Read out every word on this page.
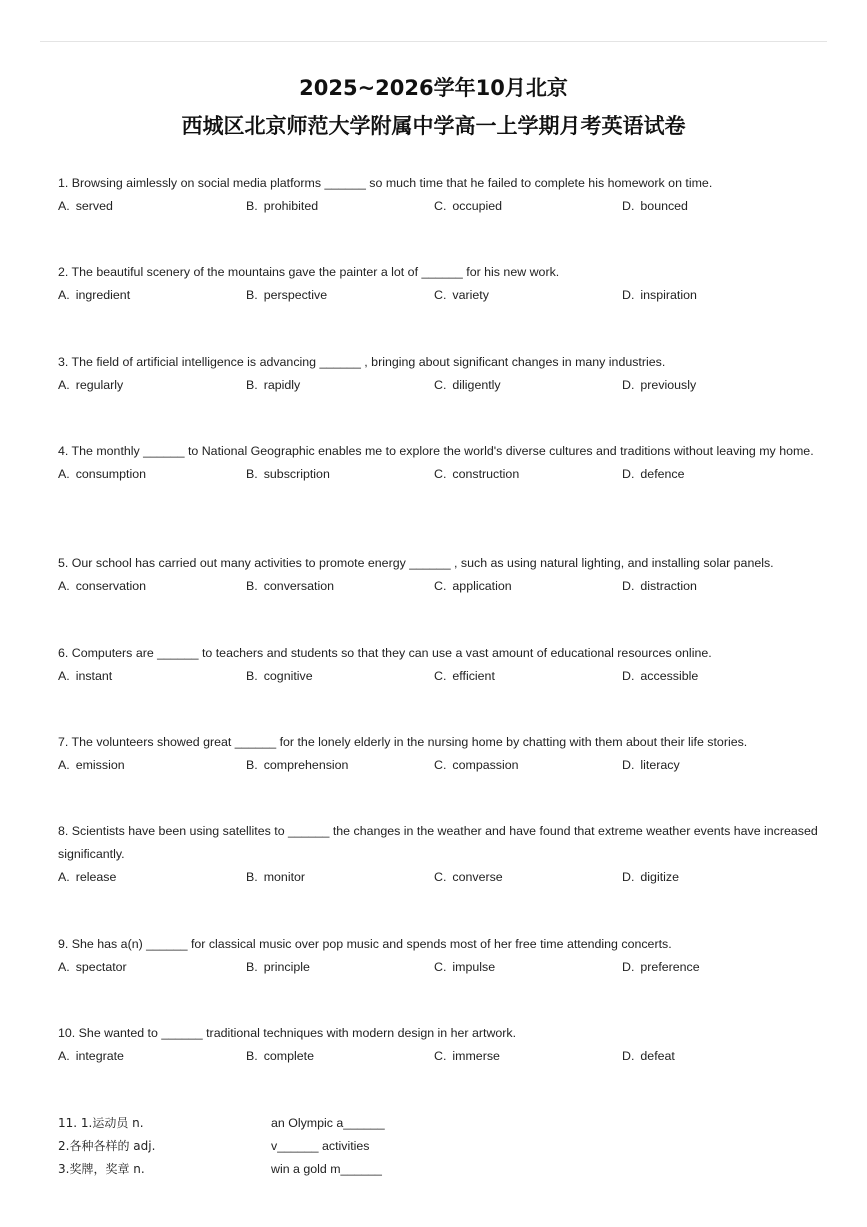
2025~2026学年10月北京
西城区北京师范大学附属中学高一上学期月考英语试卷
1. Browsing aimlessly on social media platforms ______ so much time that he failed to complete his homework on time.
A. served	B. prohibited	C. occupied	D. bounced
2. The beautiful scenery of the mountains gave the painter a lot of ______ for his new work.
A. ingredient	B. perspective	C. variety	D. inspiration
3. The field of artificial intelligence is advancing ______ , bringing about significant changes in many industries.
A. regularly	B. rapidly	C. diligently	D. previously
4. The monthly ______ to National Geographic enables me to explore the world's diverse cultures and traditions without leaving my home.
A. consumption	B. subscription	C. construction	D. defence
5. Our school has carried out many activities to promote energy ______ , such as using natural lighting, and installing solar panels.
A. conservation	B. conversation	C. application	D. distraction
6. Computers are ______ to teachers and students so that they can use a vast amount of educational resources online.
A. instant	B. cognitive	C. efficient	D. accessible
7. The volunteers showed great ______ for the lonely elderly in the nursing home by chatting with them about their life stories.
A. emission	B. comprehension	C. compassion	D. literacy
8. Scientists have been using satellites to ______ the changes in the weather and have found that extreme weather events have increased significantly.
A. release	B. monitor	C. converse	D. digitize
9. She has a(n) ______ for classical music over pop music and spends most of her free time attending concerts.
A. spectator	B. principle	C. impulse	D. preference
10. She wanted to ______ traditional techniques with modern design in her artwork.
A. integrate	B. complete	C. immerse	D. defeat
11. 1.运动员 n.	an Olympic a______
2.各种各样的 adj.	v______ activities
3.奖牌，奖章 n.	win a gold m______
